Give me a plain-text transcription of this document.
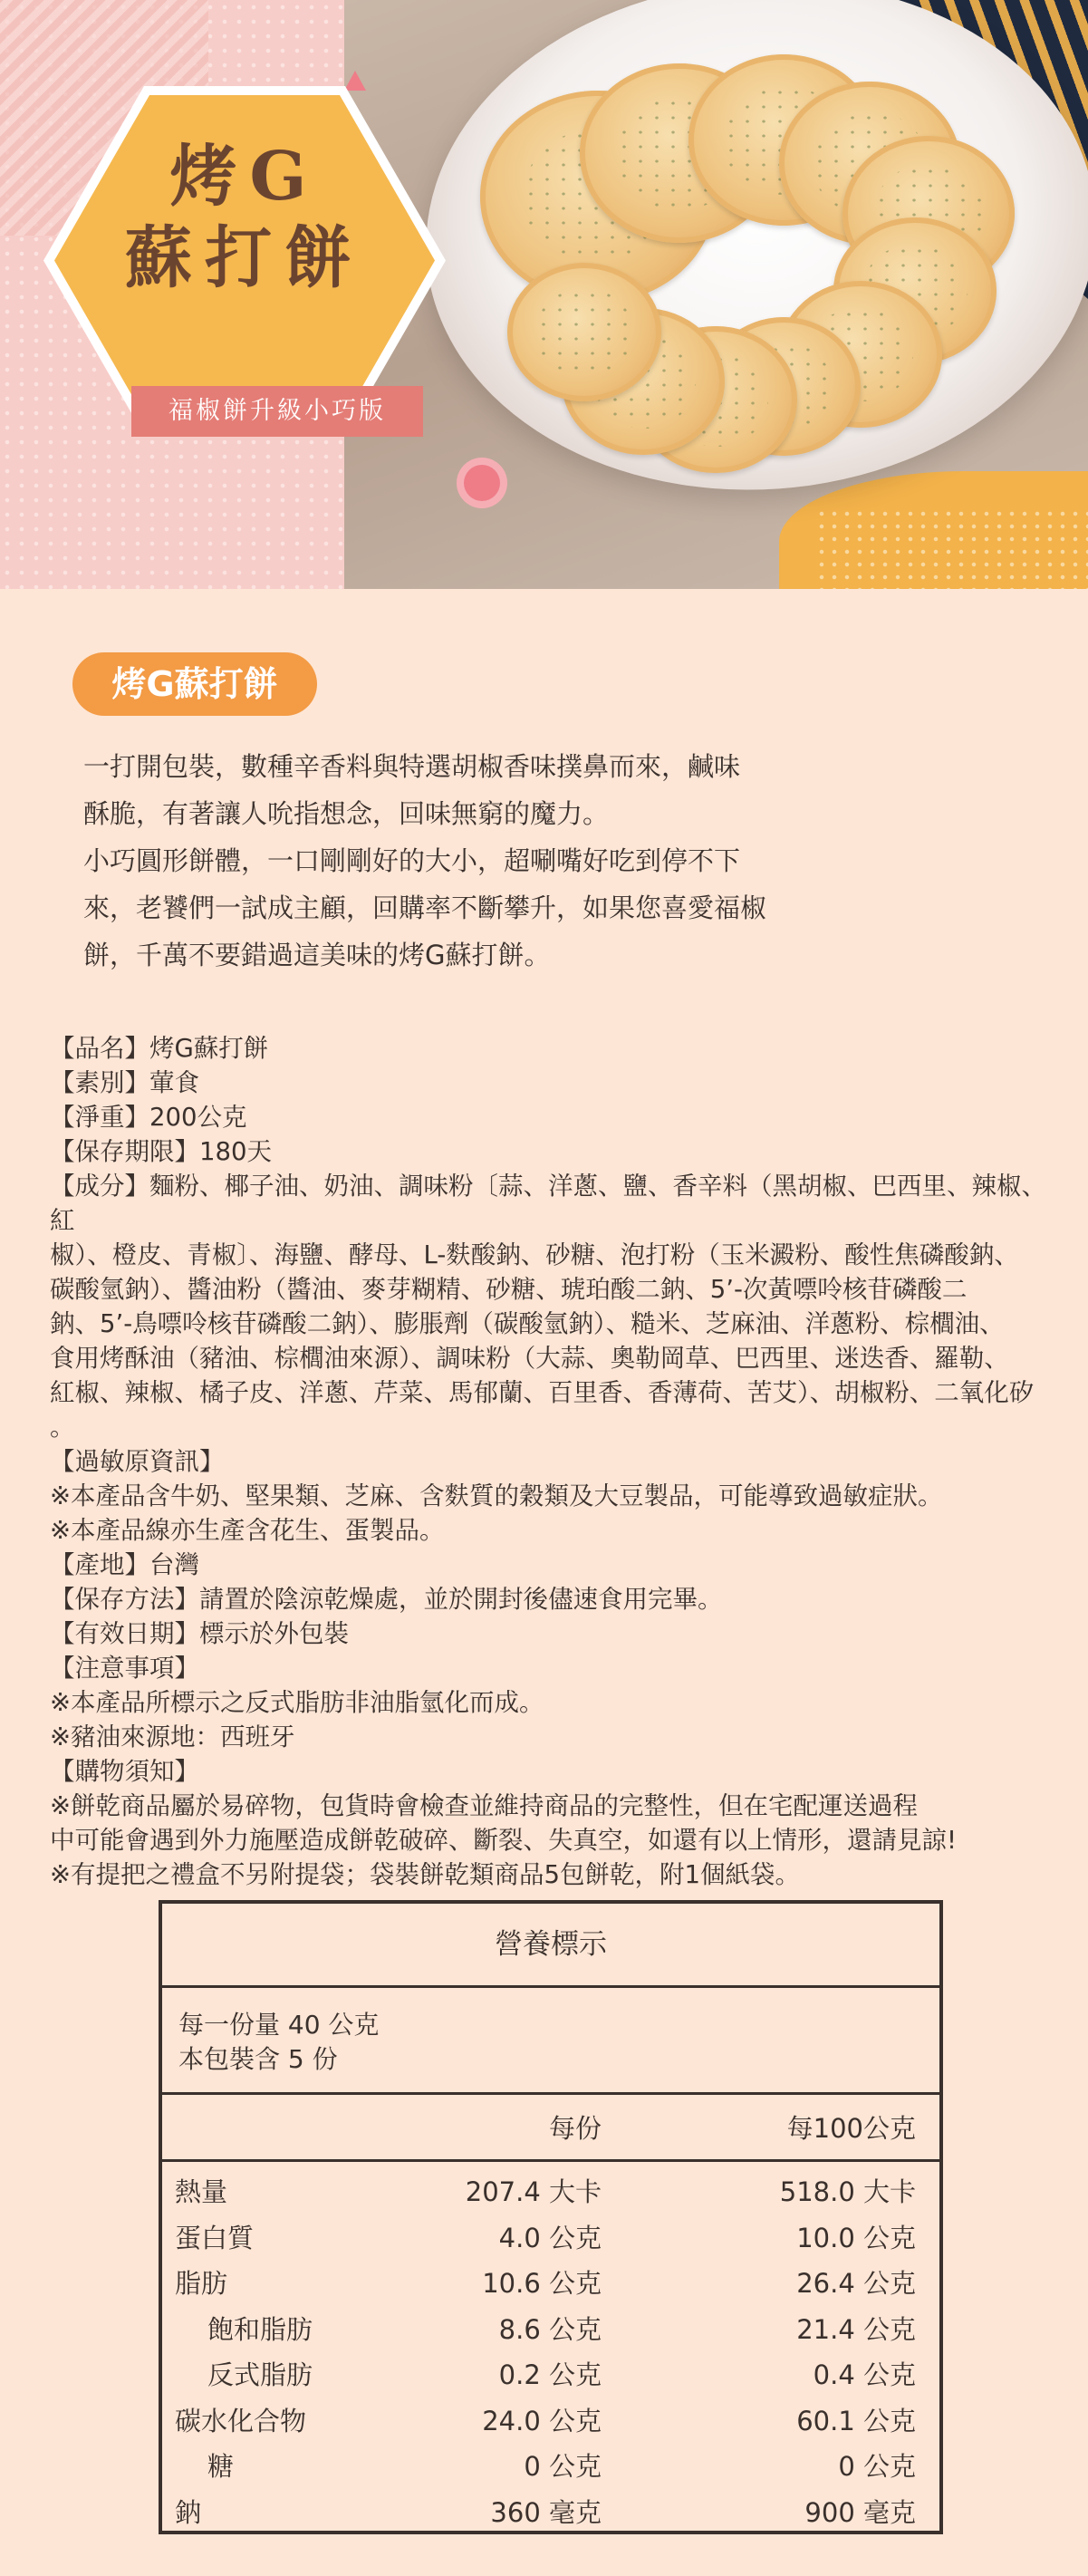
烤G
蘇打餅
福椒餅升級小巧版
烤G蘇打餅

一打開包裝，數種辛香料與特選胡椒香味撲鼻而來，鹹味

酥脆，有著讓人吮指想念，回味無窮的魔力。

小巧圓形餅體，一口剛剛好的大小，超唰嘴好吃到停不下

來，老饕們一試成主顧，回購率不斷攀升，如果您喜愛福椒

餅，千萬不要錯過這美味的烤G蘇打餅。

【品名】烤G蘇打餅
【素別】葷食
【淨重】200公克
【保存期限】180天
【成分】麵粉、椰子油、奶油、調味粉〔蒜、洋蔥、鹽、香辛料（黑胡椒、巴西里、辣椒、紅
椒）、橙皮、青椒〕、海鹽、酵母、L-麩酸鈉、砂糖、泡打粉（玉米澱粉、酸性焦磷酸鈉、
碳酸氫鈉）、醬油粉（醬油、麥芽糊精、砂糖、琥珀酸二鈉、5’-次黃嘌呤核苷磷酸二
鈉、5’-鳥嘌呤核苷磷酸二鈉）、膨脹劑（碳酸氫鈉）、糙米、芝麻油、洋蔥粉、棕櫚油、
食用烤酥油（豬油、棕櫚油來源）、調味粉（大蒜、奧勒岡草、巴西里、迷迭香、羅勒、
紅椒、辣椒、橘子皮、洋蔥、芹菜、馬郁蘭、百里香、香薄荷、苦艾）、胡椒粉、二氧化矽
。
【過敏原資訊】
※本產品含牛奶、堅果類、芝麻、含麩質的穀類及大豆製品，可能導致過敏症狀。
※本產品線亦生產含花生、蛋製品。
【產地】台灣
【保存方法】請置於陰涼乾燥處，並於開封後儘速食用完畢。
【有效日期】標示於外包裝
【注意事項】
※本產品所標示之反式脂肪非油脂氫化而成。
※豬油來源地：西班牙
【購物須知】
※餅乾商品屬於易碎物，包貨時會檢查並維持商品的完整性，但在宅配運送過程
中可能會遇到外力施壓造成餅乾破碎、斷裂、失真空，如還有以上情形，還請見諒!
※有提把之禮盒不另附提袋；袋裝餅乾類商品5包餅乾，附1個紙袋。
營養標示
每一份量 40 公克
本包裝含 5 份
每份	每100公克
熱量	207.4 大卡	518.0 大卡
蛋白質	4.0 公克	10.0 公克
脂肪	10.6 公克	26.4 公克
飽和脂肪	8.6 公克	21.4 公克
反式脂肪	0.2 公克	0.4 公克
碳水化合物	24.0 公克	60.1 公克
糖	0 公克	0 公克
鈉	360 毫克	900 毫克
